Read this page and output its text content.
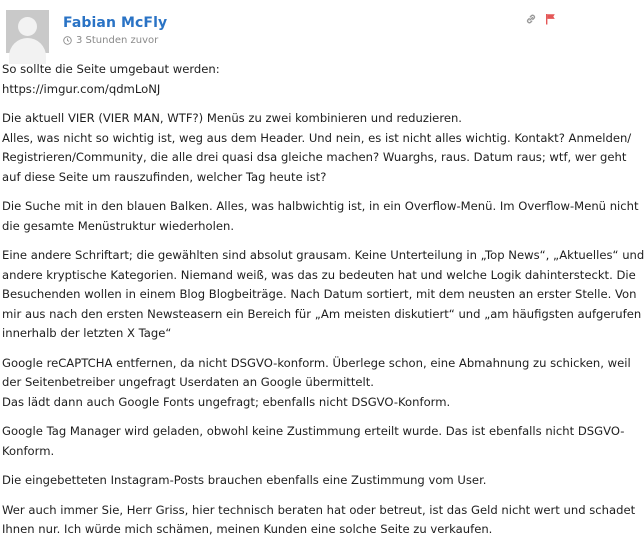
Fabian McFly
3 Stunden zuvor

So sollte die Seite umgebaut werden:
https://imgur.com/qdmLoNJ

Die aktuell VIER (VIER MAN, WTF?) Menüs zu zwei kombinieren und reduzieren.
Alles, was nicht so wichtig ist, weg aus dem Header. Und nein, es ist nicht alles wichtig. Kontakt? Anmelden/
Registrieren/Community, die alle drei quasi dsa gleiche machen? Wuarghs, raus. Datum raus; wtf, wer geht
auf diese Seite um rauszufinden, welcher Tag heute ist?

Die Suche mit in den blauen Balken. Alles, was halbwichtig ist, in ein Overflow-Menü. Im Overflow-Menü nicht
die gesamte Menüstruktur wiederholen.

Eine andere Schriftart; die gewählten sind absolut grausam. Keine Unterteilung in „Top News“, „Aktuelles“ und
andere kryptische Kategorien. Niemand weiß, was das zu bedeuten hat und welche Logik dahintersteckt. Die
Besuchenden wollen in einem Blog Blogbeiträge. Nach Datum sortiert, mit dem neusten an erster Stelle. Von
mir aus nach den ersten Newsteasern ein Bereich für „Am meisten diskutiert“ und „am häufigsten aufgerufen
innerhalb der letzten X Tage“

Google reCAPTCHA entfernen, da nicht DSGVO-konform. Überlege schon, eine Abmahnung zu schicken, weil
der Seitenbetreiber ungefragt Userdaten an Google übermittelt.
Das lädt dann auch Google Fonts ungefragt; ebenfalls nicht DSGVO-Konform.

Google Tag Manager wird geladen, obwohl keine Zustimmung erteilt wurde. Das ist ebenfalls nicht DSGVO-
Konform.

Die eingebetteten Instagram-Posts brauchen ebenfalls eine Zustimmung vom User.

Wer auch immer Sie, Herr Griss, hier technisch beraten hat oder betreut, ist das Geld nicht wert und schadet
Ihnen nur. Ich würde mich schämen, meinen Kunden eine solche Seite zu verkaufen.
